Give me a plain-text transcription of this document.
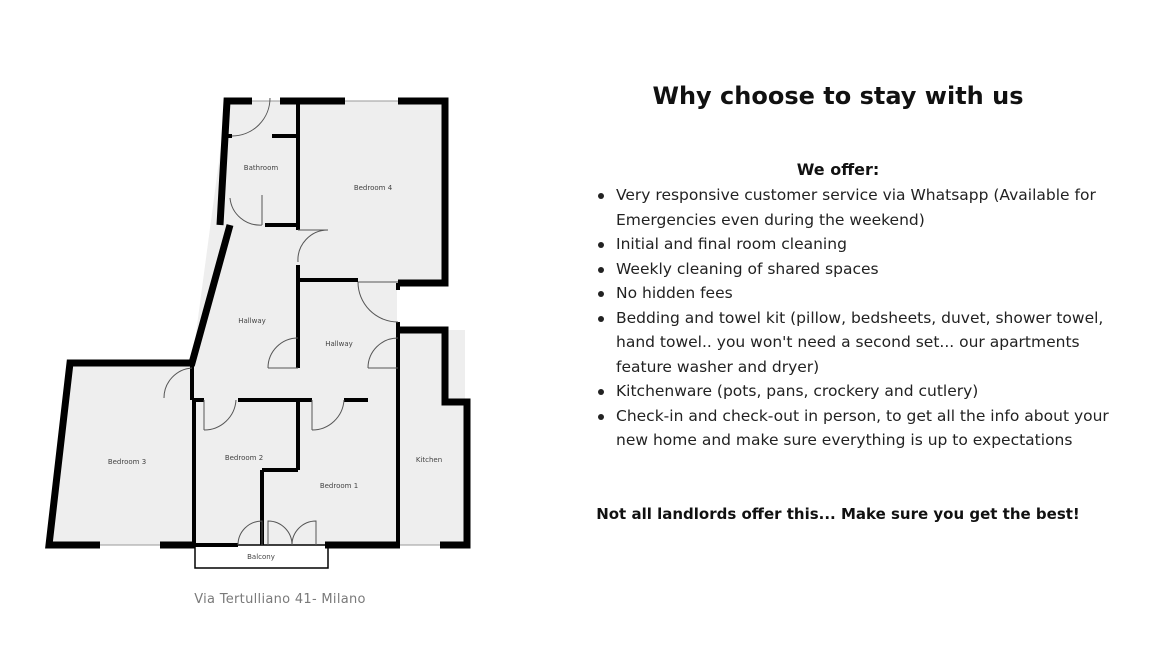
Bathroom
Bedroom 4
Hallway
Hallway
Bedroom 3	Bedroom 2
Bedroom 1
Kitchen
Balcony
Via Tertulliano 41- Milano
Why choose to stay with us
We offer:
Very responsive customer service via Whatsapp (Available for Emergencies even during the weekend)
Initial and final room cleaning
Weekly cleaning of shared spaces
No hidden fees
Bedding and towel kit (pillow, bedsheets, duvet, shower towel, hand towel.. you won't need a second set... our apartments feature washer and dryer)
Kitchenware (pots, pans, crockery and cutlery)
Check-in and check-out in person, to get all the info about your new home and make sure everything is up to expectations
Not all landlords offer this... Make sure you get the best!
